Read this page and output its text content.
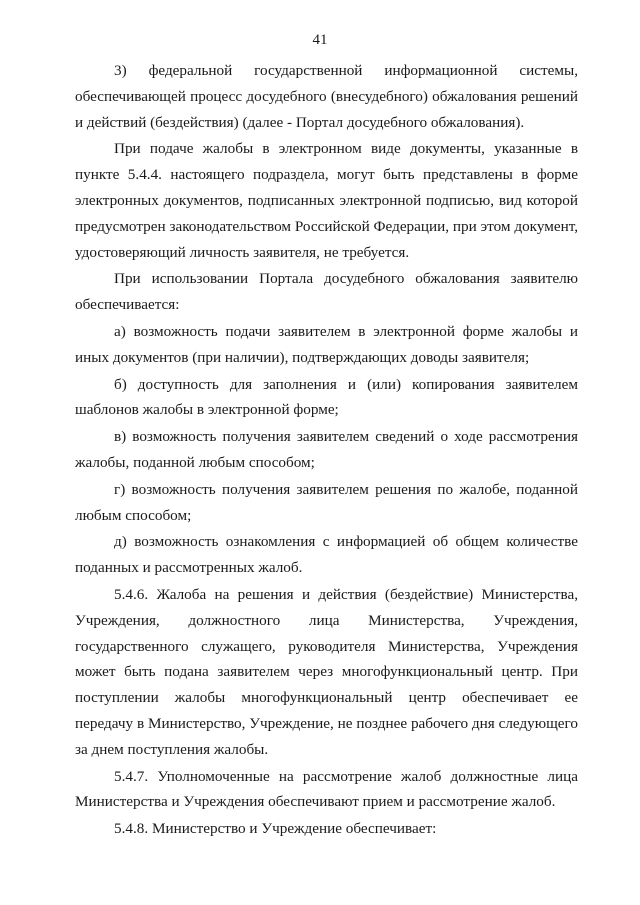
41

3) федеральной государственной информационной системы, обеспечивающей процесс досудебного (внесудебного) обжалования решений и действий (бездействия) (далее - Портал досудебного обжалования).

При подаче жалобы в электронном виде документы, указанные в пункте 5.4.4. настоящего подраздела, могут быть представлены в форме электронных документов, подписанных электронной подписью, вид которой предусмотрен законодательством Российской Федерации, при этом документ, удостоверяющий личность заявителя, не требуется.

При использовании Портала досудебного обжалования заявителю обеспечивается:

а) возможность подачи заявителем в электронной форме жалобы и иных документов (при наличии), подтверждающих доводы заявителя;

б) доступность для заполнения и (или) копирования заявителем шаблонов жалобы в электронной форме;

в) возможность получения заявителем сведений о ходе рассмотрения жалобы, поданной любым способом;

г) возможность получения заявителем решения по жалобе, поданной любым способом;

д) возможность ознакомления с информацией об общем количестве поданных и рассмотренных жалоб.

5.4.6. Жалоба на решения и действия (бездействие) Министерства, Учреждения, должностного лица Министерства, Учреждения, государственного служащего, руководителя Министерства, Учреждения может быть подана заявителем через многофункциональный центр. При поступлении жалобы многофункциональный центр обеспечивает ее передачу в Министерство, Учреждение, не позднее рабочего дня следующего за днем поступления жалобы.

5.4.7. Уполномоченные на рассмотрение жалоб должностные лица Министерства и Учреждения обеспечивают прием и рассмотрение жалоб.

5.4.8. Министерство и Учреждение обеспечивает:
